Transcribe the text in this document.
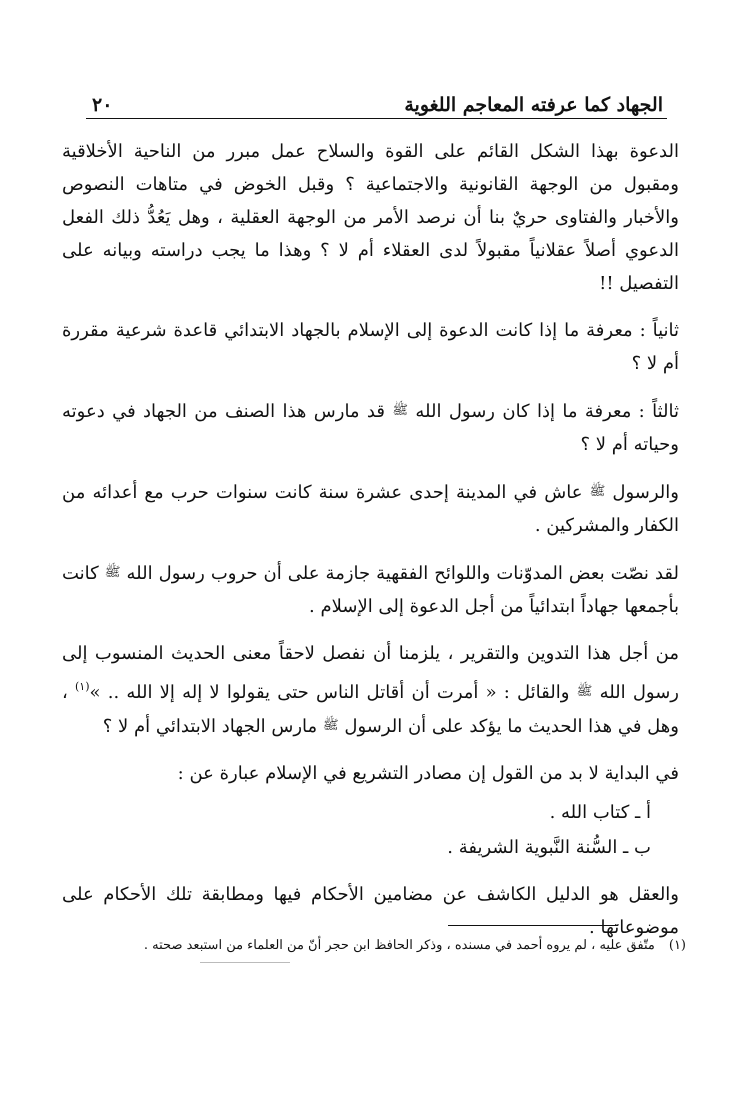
الجهاد كما عرفته المعاجم اللغوية
٢٠

الدعوة بهذا الشكل القائم على القوة والسلاح عمل مبرر من الناحية الأخلاقية ومقبول من الوجهة القانونية والاجتماعية ؟ وقبل الخوض في متاهات النصوص والأخبار والفتاوى حريٌ بنا أن نرصد الأمر من الوجهة العقلية ، وهل يَعُدُّ ذلك الفعل الدعوي أصلاً عقلانياً مقبولاً لدى العقلاء أم لا ؟ وهذا ما يجب دراسته وبيانه على التفصيل !!

ثانياً : معرفة ما إذا كانت الدعوة إلى الإسلام بالجهاد الابتدائي قاعدة شرعية مقررة أم لا ؟

ثالثاً : معرفة ما إذا كان رسول الله ﷺ قد مارس هذا الصنف من الجهاد في دعوته وحياته أم لا ؟

والرسول ﷺ عاش في المدينة إحدى عشرة سنة كانت سنوات حرب مع أعدائه من الكفار والمشركين .

لقد نصّت بعض المدوّنات واللوائح الفقهية جازمة على أن حروب رسول الله ﷺ كانت بأجمعها جهاداً ابتدائياً من أجل الدعوة إلى الإسلام .

من أجل هذا التدوين والتقرير ، يلزمنا أن نفصل لاحقاً معنى الحديث المنسوب إلى رسول الله ﷺ والقائل : « أمرت أن أقاتل الناس حتى يقولوا لا إله إلا الله .. »$^{(١)}$ ، وهل في هذا الحديث ما يؤكد على أن الرسول ﷺ مارس الجهاد الابتدائي أم لا ؟

في البداية لا بد من القول إن مصادر التشريع في الإسلام عبارة عن :

أ ـ كتاب الله .

ب ـ السُّنة النَّبوية الشريفة .

والعقل هو الدليل الكاشف عن مضامين الأحكام فيها ومطابقة تلك الأحكام على موضوعاتها .

(١)متّفق عليه ، لم يروه أحمد في مسنده ، وذكر الحافظ ابن حجر أنّ من العلماء من استبعد صحته .
